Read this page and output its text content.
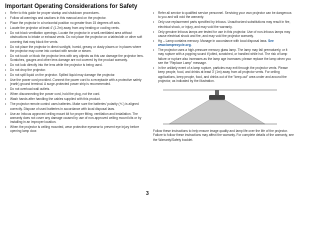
Important Operating Considerations for Safety
• Refer to this guide for proper startup and shutdown procedures.
• Follow all warnings and cautions in this manual and on the projector.
• Place the projector in a horizontal position no greater than 15 degrees off axis.
• Locate the projector at least 4' (1.2m) away from any heating or cooling vents.
• Do not block ventilation openings. Locate the projector in a well-ventilated area without obstructions to intake or exhaust vents. Do not place the projector on a tablecloth or other soft covering that may block the vents.
• Do not place the projector in direct sunlight, humid, greasy or dusty places or in places where the projector may come into contact with smoke or steam.
• Do not touch or block the projector lens with any objects as this can damage the projector lens. Scratches, gouges and other lens damage are not covered by the product warranty.
• Do not look directly into the lens while the projector is being used.
• Do not drop the projector.
• Do not spill liquid on the projector. Spilled liquid may damage the projector.
• Use the power cord provided. Connect the power cord to a receptacle with a protective safety (earth) ground terminal. A surge-protected power strip is recommended.
• Do not overload wall outlets.
• When disconnecting the power cord, hold the plug, not the cord.
• Wash hands after handling the cables supplied with this product.
• The projector remote control uses batteries. Make sure the batteries' polarity (+/-) is aligned correctly. Dispose of used batteries in accordance with local disposal laws.
• Use an Infocus approved ceiling mount kit for proper fitting, ventilation and installation. The warranty does not cover any damage caused by use of non-approved ceiling mount kits or by installing in an improper location.
• When the projector is ceiling mounted, wear protective eyewear to prevent eye injury before opening lamp door.
• Refer all service to qualified service personnel. Servicing your own projector can be dangerous to you and will void the warranty.
• Only use replacement parts specified by Infocus. Unauthorized substitutions may result in fire, electrical shock, or injury, and may void the warranty.
• Only genuine Infocus lamps are tested for use in this projector. Use of non-Infocus lamps may cause electrical shock and fire, and may void the projector warranty.
• Hg – Lamp contains mercury. Manage in accordance with local disposal laws. See www.lamprecycle.org.
• The projector uses a high-pressure mercury glass lamp. The lamp may fail prematurely, or it may rupture with a popping sound if jolted, scratched, or handled while hot. The risk of lamp failure or rupture also increases as the lamp age increases; please replace the lamp when you see the "Replace Lamp" message.
• In the unlikely event of a lamp rupture, particles may exit through the projector vents. Please keep people, food, and drinks at least 3' (1m) away from all projector vents. For ceiling applications, keep people, food, and drinks out of the "keep-out" area under and around the projector, as indicated by the illustration.
Follow these instructions to help ensure image quality and lamp life over the life of the projector. Failure to follow these instructions may affect the warranty. For complete details of the warranty, see the Warranty/Safety booklet.
3
